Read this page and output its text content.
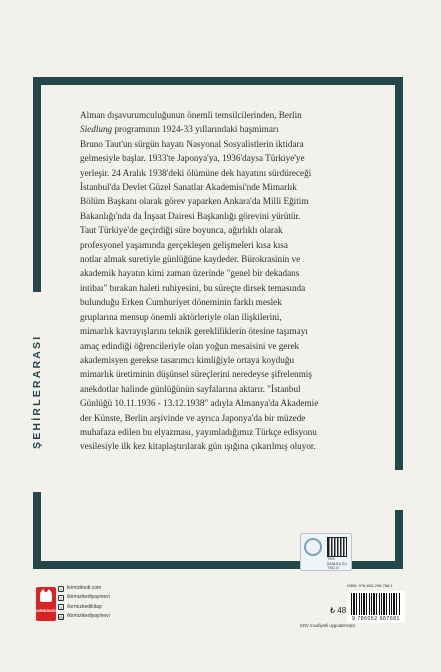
ŞEHİRLERARASI

Alman dışavurumculuğunun önemli temsilcilerinden, Berlin

Siedlung programının 1924-33 yıllarındaki başmimarı

Bruno Taut'un sürgün hayatı Nasyonal Sosyalistlerin iktidara

gelmesiyle başlar. 1933'te Japonya'ya, 1936'daysa Türkiye'ye

yerleşir. 24 Aralık 1938'deki ölümüne dek hayatını sürdüreceği

İstanbul'da Devlet Güzel Sanatlar Akademisi'nde Mimarlık

Bölüm Başkanı olarak görev yaparken Ankara'da Milli Eğitim

Bakanlığı'nda da İnşaat Dairesi Başkanlığı görevini yürütür.

Taut Türkiye'de geçirdiği süre boyunca, ağırlıklı olarak

profesyonel yaşamında gerçekleşen gelişmeleri kısa kısa

notlar almak suretiyle günlüğüne kaydeder. Bürokrasinin ve

akademik hayatın kimi zaman üzerinde "genel bir dekadans

intibaı" bırakan haleti ruhiyesini, bu süreçte dirsek temasında

bulunduğu Erken Cumhuriyet döneminin farklı meslek

gruplarına mensup önemli aktörleriyle olan ilişkilerini,

mimarlık kavrayışlarını teknik gerekliliklerin ötesine taşımayı

amaç edindiği öğrencileriyle olan yoğun mesaisini ve gerek

akademisyen gerekse tasarımcı kimliğiyle ortaya koyduğu

mimarlık üretiminin düşünsel süreçlerini neredeyse şifrelenmiş

anekdotlar halinde günlüğünün sayfalarına aktarır. "İstanbul

Günlüğü 10.11.1936 - 13.12.1938" adıyla Almanya'da Akademie

der Künste, Berlin arşivinde ve ayrıca Japonya'da bir müzede

muhafaza edilen bu elyazması, yayımladığımız Türkçe edisyonu

vesilesiyle ilk kez kitaplaştırılarak gün ışığına çıkarılmış oluyor.

TH3 0481S4 SJ
TSG 0
KIRMIZIKEDI
▪	kirmizikedi.com
f	/kirmizikediyayinevi
t	/kırmızkedikitap
◎ /kirmizikediyayinevi
ISBN: 978-605-298-768-1
9 786052 987681
₺ 48
KDV muafiyetli uygulanmıştır
